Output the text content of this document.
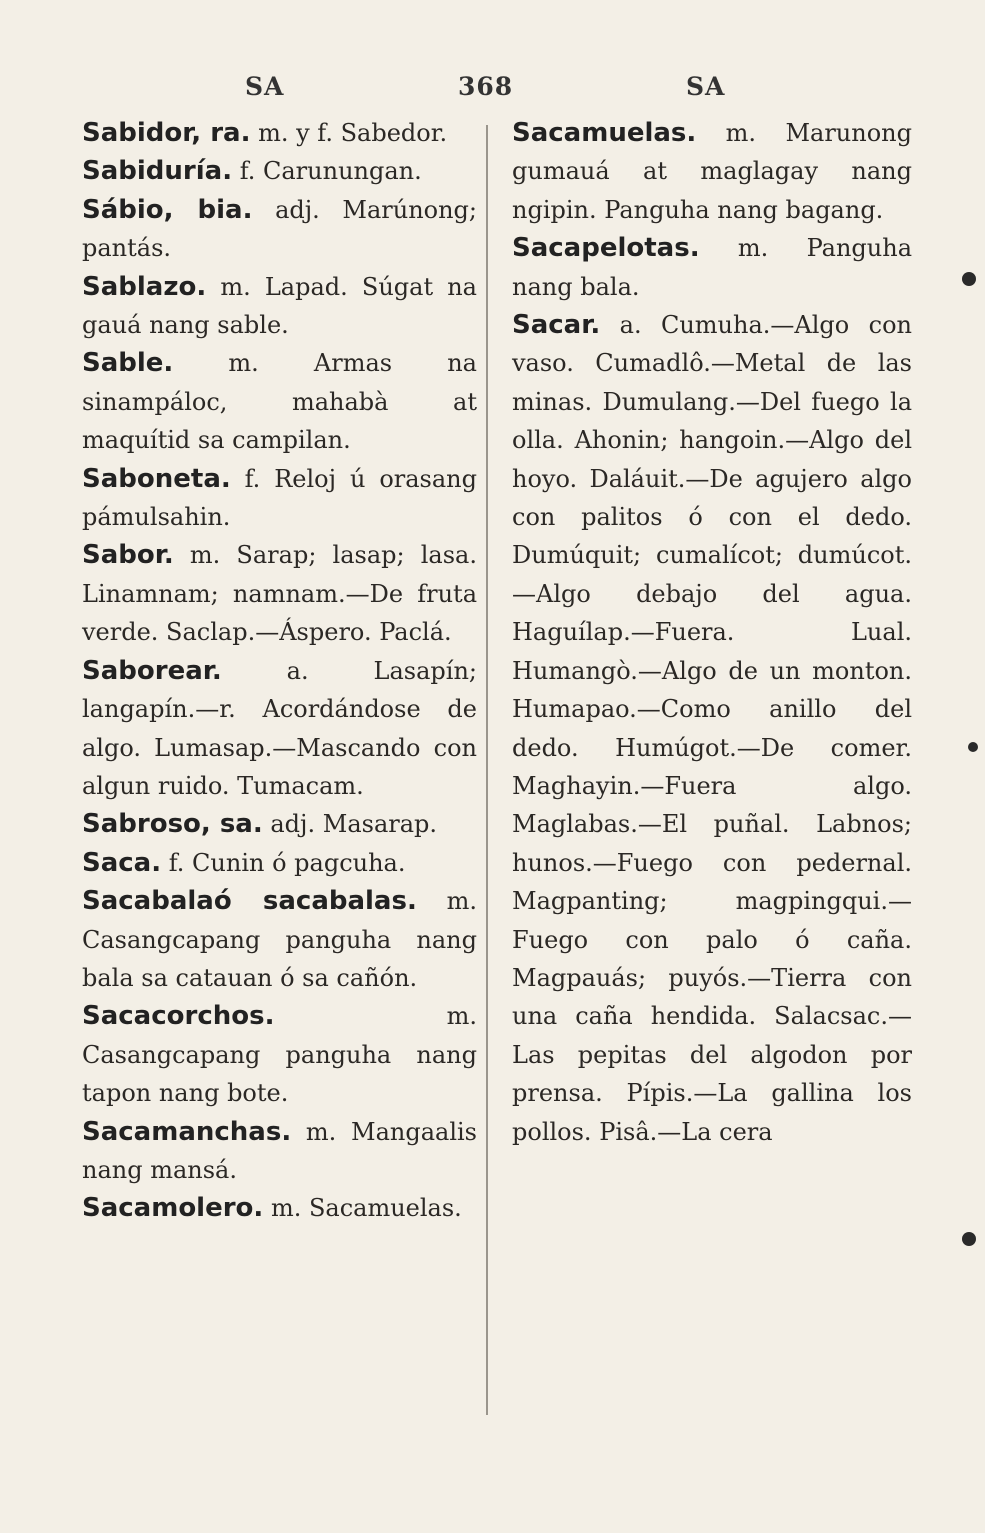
SA	368	SA

Sabidor, ra. m. y f. Sabedor.

Sabiduría. f. Carunungan.

Sábio, bia. adj. Marúnong; pantás.

Sablazo. m. Lapad. Súgat na gauá nang sable.

Sable. m. Armas na sinampáloc, mahabà at maquítid sa campilan.

Saboneta. f. Reloj ú orasang pámulsahin.

Sabor. m. Sarap; lasap; lasa. Linamnam; namnam.—De fruta verde. Saclap.—Áspero. Paclá.

Saborear.	a. Lasapín; langapín.—r. Acordándose de algo. Lumasap.—Mascando con algun ruido. Tumacam.

Sabroso, sa. adj. Masarap.

Saca. f. Cunin ó pagcuha.

Sacabalaó sacabalas. m. Casangcapang panguha nang bala sa catauan ó sa cañón.

Sacacorchos.	m. Casangcapang panguha nang tapon nang bote.

Sacamanchas. m. Mangaalis nang mansá.

Sacamolero. m. Sacamuelas.

Sacamuelas. m. Marunong gumauá at maglagay nang ngipin. Panguha nang bagang.

Sacapelotas. m. Panguha nang bala.

Sacar. a. Cumuha.—Algo con vaso. Cumadlô.—Metal de las minas. Dumulang.—Del fuego la olla. Ahonin; hangoin.—Algo del hoyo. Daláuit.—De agujero algo con palitos ó con el dedo. Dumúquit; cumalícot; dumúcot.—Algo debajo del agua. Haguílap.—Fuera. Lual. Humangò.—Algo de un monton. Humapao.—Como anillo del dedo. Humúgot.—De comer. Maghayin.—Fuera algo. Maglabas.—El puñal. Labnos; hunos.—Fuego con pedernal. Magpanting; magpingqui.—Fuego con palo ó caña. Magpauás; puyós.—Tierra con una caña hendida. Salacsac.—Las pepitas del algodon por prensa. Pípis.—La gallina los pollos. Pisâ.—La cera
